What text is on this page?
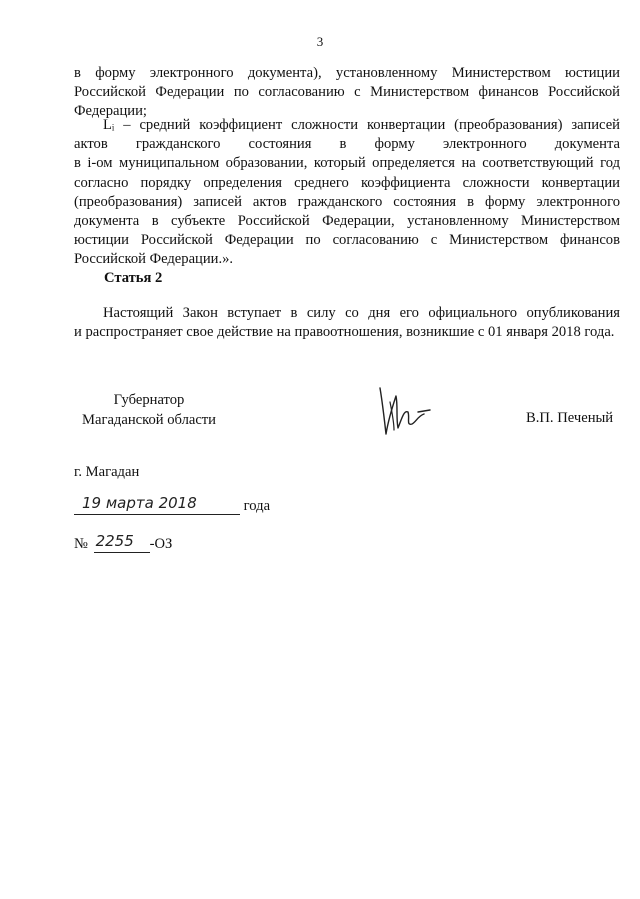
3
в форму электронного документа), установленному Министерством юстиции
Российской Федерации по согласованию с Министерством финансов Российской
Федерации;
Lᵢ – средний коэффициент сложности конвертации (преобразования) записей
актов гражданского состояния в форму электронного документа
в i-ом муниципальном образовании, который определяется на соответствующий год
согласно порядку определения среднего коэффициента сложности конвертации
(преобразования) записей актов гражданского состояния в форму электронного
документа в субъекте Российской Федерации, установленному Министерством
юстиции Российской Федерации по согласованию с Министерством финансов
Российской Федерации.».
Статья 2
Настоящий Закон вступает в силу со дня его официального опубликования
и распространяет свое действие на правоотношения, возникшие с 01 января 2018 года.
Губернатор
Магаданской области	В.П. Печеный
г. Магадан
19 марта 2018	года
№ 2255 -ОЗ
